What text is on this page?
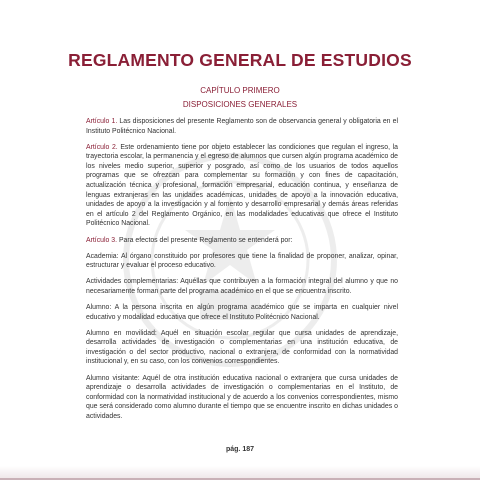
REGLAMENTO GENERAL DE ESTUDIOS
CAPÍTULO PRIMERO
DISPOSICIONES GENERALES

Artículo 1. Las disposiciones del presente Reglamento son de observancia general y obligatoria en el Instituto Politécnico Nacional.

Artículo 2. Este ordenamiento tiene por objeto establecer las condiciones que regulan el ingreso, la trayectoria escolar, la permanencia y el egreso de alumnos que cursen algún programa académico de los niveles medio superior, superior y posgrado, así como de los usuarios de todos aquellos programas que se ofrezcan para complementar su formación y con fines de capacitación, actualización técnica y profesional, formación empresarial, educación continua, y enseñanza de lenguas extranjeras en las unidades académicas, unidades de apoyo a la innovación educativa, unidades de apoyo a la investigación y al fomento y desarrollo empresarial y demás áreas referidas en el artículo 2 del Reglamento Orgánico, en las modalidades educativas que ofrece el Instituto Politécnico Nacional.

Artículo 3. Para efectos del presente Reglamento se entenderá por:

Academia: Al órgano constituido por profesores que tiene la finalidad de proponer, analizar, opinar, estructurar y evaluar el proceso educativo.

Actividades complementarias: Aquéllas que contribuyen a la formación integral del alumno y que no necesariamente forman parte del programa académico en el que se encuentra inscrito.

Alumno: A la persona inscrita en algún programa académico que se imparta en cualquier nivel educativo y modalidad educativa que ofrece el Instituto Politécnico Nacional.

Alumno en movilidad: Aquél en situación escolar regular que cursa unidades de aprendizaje, desarrolla actividades de investigación o complementarias en una institución educativa, de investigación o del sector productivo, nacional o extranjera, de conformidad con la normatividad institucional y, en su caso, con los convenios correspondientes.

Alumno visitante: Aquél de otra institución educativa nacional o extranjera que cursa unidades de aprendizaje o desarrolla actividades de investigación o complementarias en el Instituto, de conformidad con la normatividad institucional y de acuerdo a los convenios correspondientes, mismo que será considerado como alumno durante el tiempo que se encuentre inscrito en dichas unidades o actividades.

pág. 187
